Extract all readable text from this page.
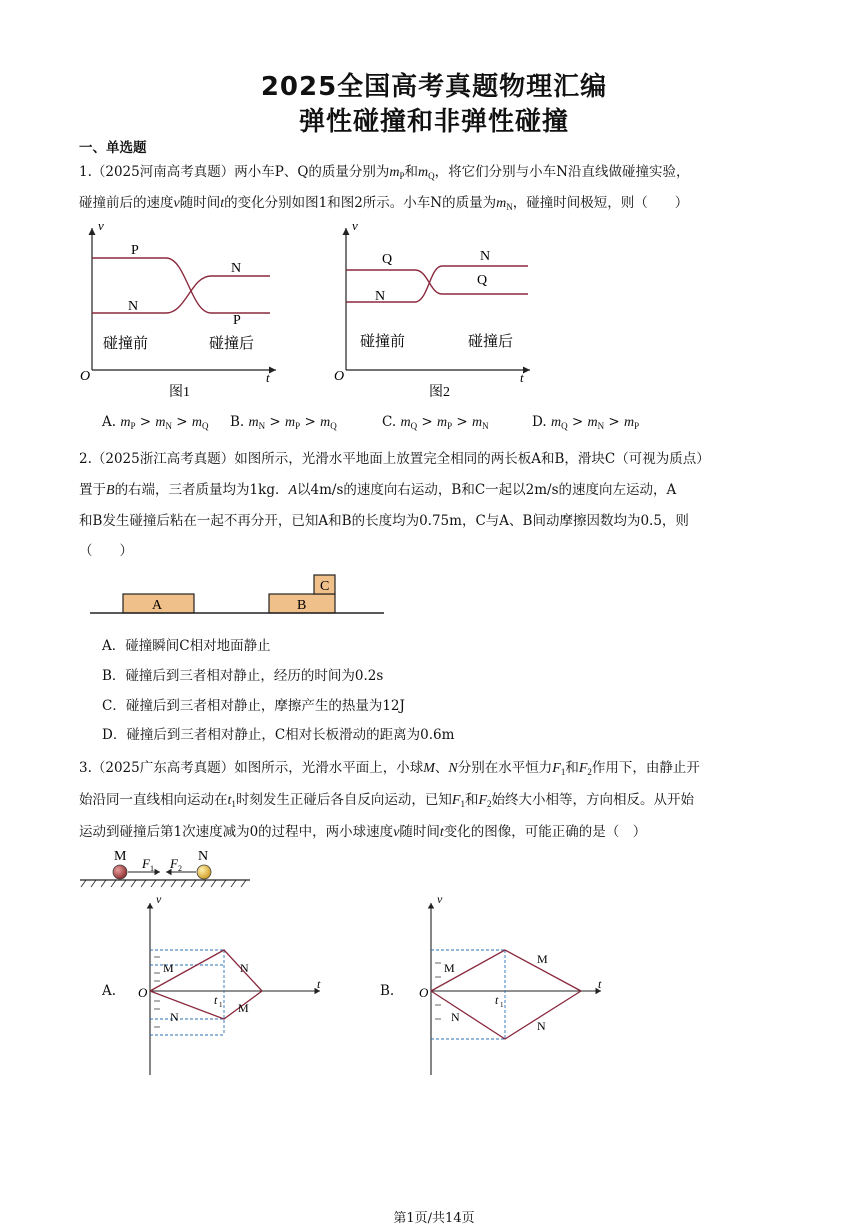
2025全国高考真题物理汇编
弹性碰撞和非弹性碰撞
一、单选题
1.（2025河南高考真题）两小车P、Q的质量分别为$m_P$和$m_Q$，将它们分别与小车N沿直线做碰撞实验，
碰撞前后的速度v随时间t的变化分别如图1和图2所示。小车N的质量为$m_N$，碰撞时间极短，则（　　）
v
O	t
P
N
N
P
碰撞前	碰撞后
图1
v
O	t
Q
N
N
Q
碰撞前	碰撞后
图2
A. $m_P > m_N > m_Q$ B. $m_N > m_P > m_Q$	C. $m_Q > m_P > m_N$	D. $m_Q > m_N > m_P$
2.（2025浙江高考真题）如图所示，光滑水平地面上放置完全相同的两长板A和B，滑块C（可视为质点）
置于B的右端，三者质量均为1kg．A以4m/s的速度向右运动，B和C一起以2m/s的速度向左运动，A
和B发生碰撞后粘在一起不再分开，已知A和B的长度均为0.75m，C与A、B间动摩擦因数均为0.5，则
（　　）
A	B
C
A．碰撞瞬间C相对地面静止
B．碰撞后到三者相对静止，经历的时间为0.2s
C．碰撞后到三者相对静止，摩擦产生的热量为12J
D．碰撞后到三者相对静止，C相对长板滑动的距离为0.6m
3.（2025广东高考真题）如图所示，光滑水平面上，小球M、N分别在水平恒力$F_1$和$F_2$作用下，由静止开
始沿同一直线相向运动在$t_1$时刻发生正碰后各自反向运动，已知$F_1$和$F_2$始终大小相等，方向相反。从开始
运动到碰撞后第1次速度减为0的过程中，两小球速度v随时间t变化的图像，可能正确的是（　）
M	N
F 1 F 2
A.
v
O
t
t 1
M	N
N
M
B.
v
O
t
t 1
M
M
N
N
第1页/共14页
